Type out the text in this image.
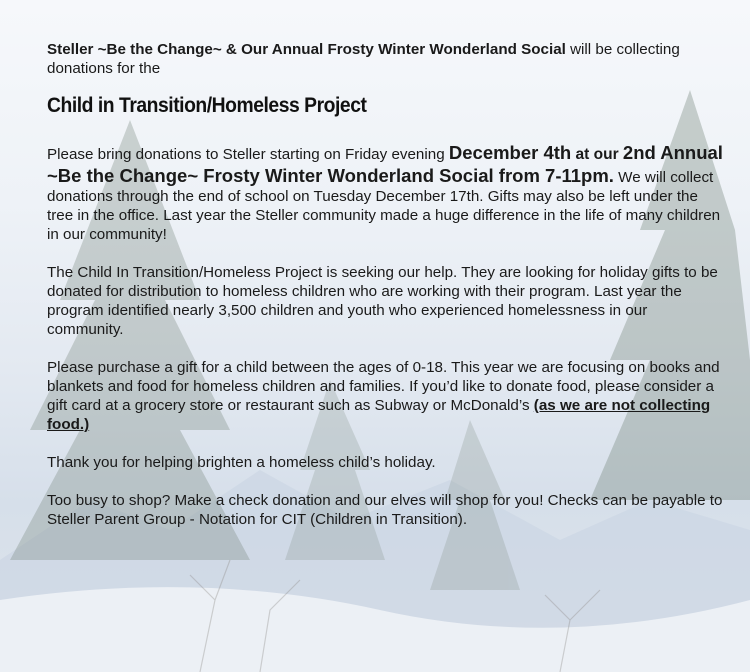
Steller ~Be the Change~ & Our Annual Frosty Winter Wonderland Social will be collecting donations for the

Child in Transition/Homeless Project

Please bring donations to Steller starting on Friday evening December 4th at our 2nd Annual ~Be the Change~ Frosty Winter Wonderland Social from 7-11pm. We will collect donations through the end of school on Tuesday December 17th. Gifts may also be left under the tree in the office. Last year the Steller community made a huge difference in the life of many children in our community!

The Child In Transition/Homeless Project is seeking our help. They are looking for holiday gifts to be donated for distribution to homeless children who are working with their program. Last year the program identified nearly 3,500 children and youth who experienced homelessness in our community.

Please purchase a gift for a child between the ages of 0-18. This year we are focusing on books and blankets and food for homeless children and families. If you’d like to donate food, please consider a gift card at a grocery store or restaurant such as Subway or McDonald’s (as we are not collecting food.)

Thank you for helping brighten a homeless child’s holiday.

Too busy to shop? Make a check donation and our elves will shop for you! Checks can be payable to Steller Parent Group - Notation for CIT (Children in Transition).
